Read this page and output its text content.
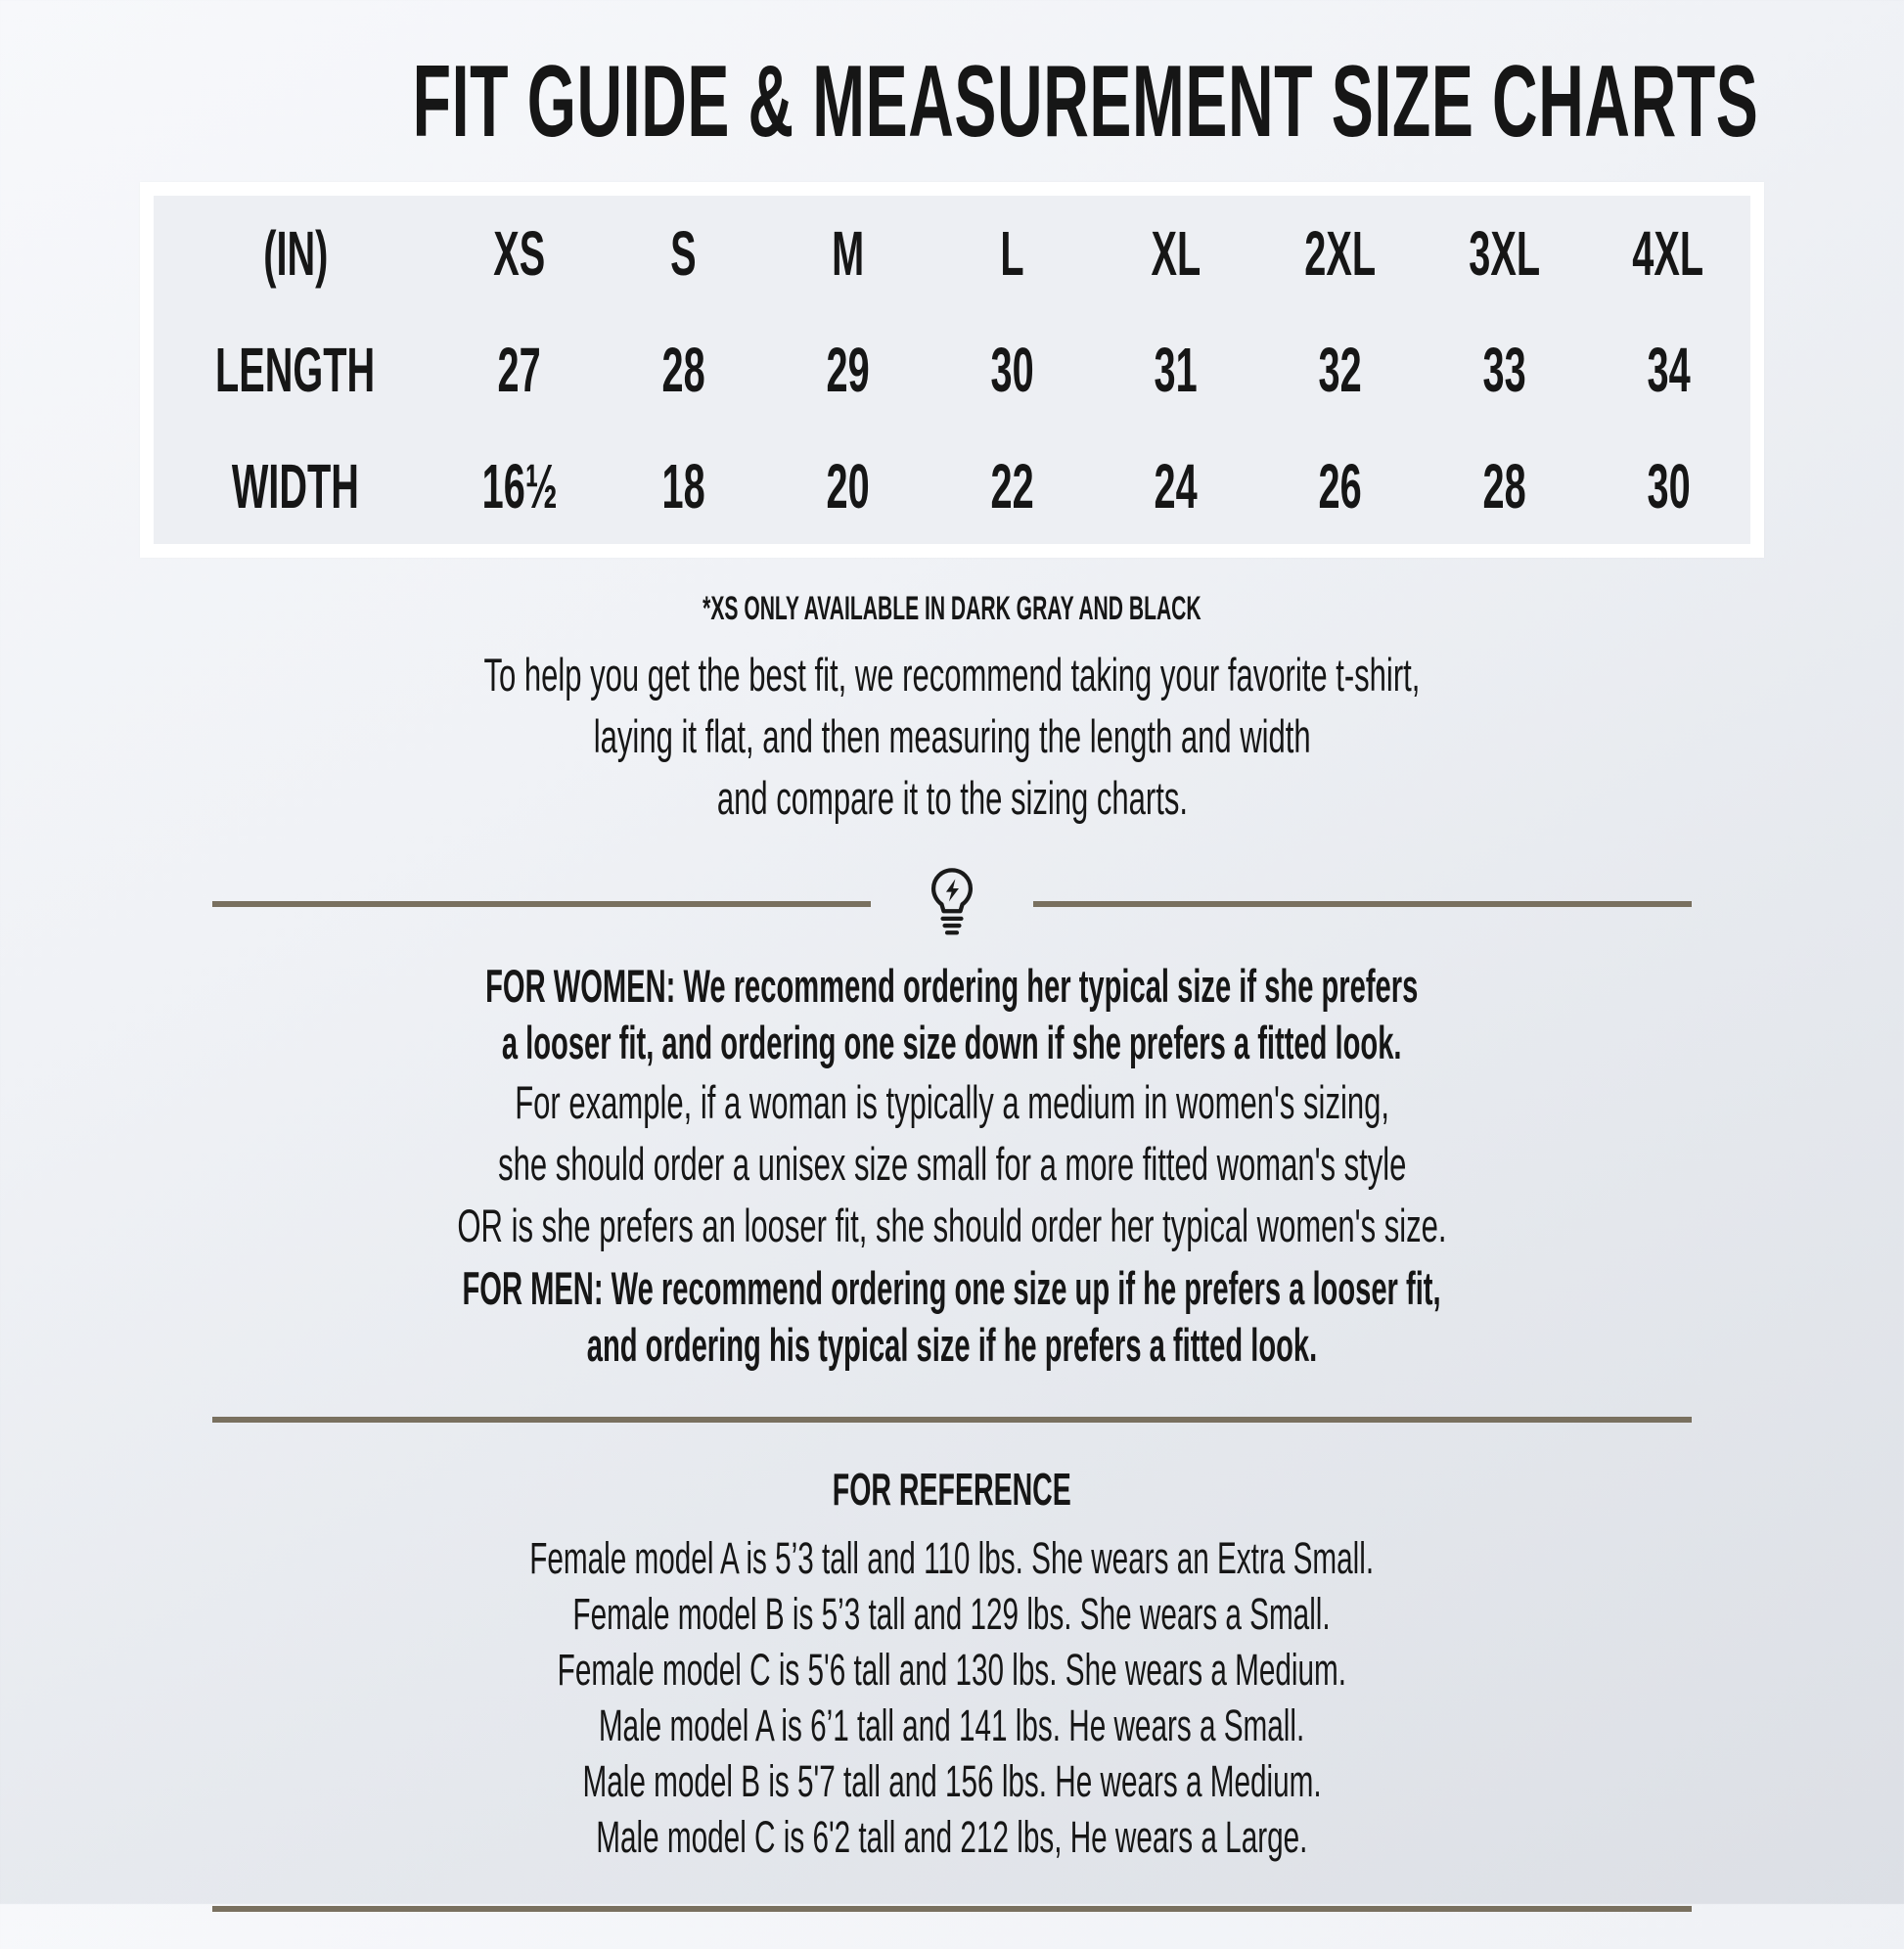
FIT GUIDE & MEASUREMENT SIZE CHARTS
(IN)	XS S M L XL	2XL	3XL	4XL
LENGTH	27 28 29 30 31 32 33 34
WIDTH	16½	18 20 22 24 26 28 30
*XS ONLY AVAILABLE IN DARK GRAY AND BLACK
To help you get the best fit, we recommend taking your favorite t-shirt,
laying it flat, and then measuring the length and width
and compare it to the sizing charts.
FOR WOMEN: We recommend ordering her typical size if she prefers
a looser fit, and ordering one size down if she prefers a fitted look.
For example, if a woman is typically a medium in women's sizing,
she should order a unisex size small for a more fitted woman's style
OR is she prefers an looser fit, she should order her typical women's size.
FOR MEN: We recommend ordering one size up if he prefers a looser fit,
and ordering his typical size if he prefers a fitted look.
FOR REFERENCE
Female model A is 5’3 tall and 110 lbs. She wears an Extra Small.
Female model B is 5’3 tall and 129 lbs. She wears a Small.
Female model C is 5'6 tall and 130 lbs. She wears a Medium.
Male model A is 6’1 tall and 141 lbs. He wears a Small.
Male model B is 5'7 tall and 156 lbs. He wears a Medium.
Male model C is 6'2 tall and 212 lbs, He wears a Large.
